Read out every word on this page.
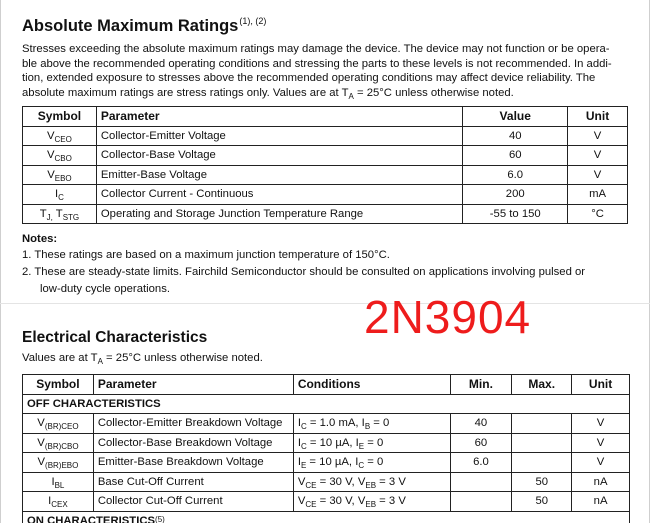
Absolute Maximum Ratings$^{(1), (2)}$
Stresses exceeding the absolute maximum ratings may damage the device. The device may not function or be opera-
ble above the recommended operating conditions and stressing the parts to these levels is not recommended. In addi-
tion, extended exposure to stresses above the recommended operating conditions may affect device reliability. The
absolute maximum ratings are stress ratings only. Values are at $T_A = 25^\circ C$ unless otherwise noted.
Symbol	Parameter	Value	Unit
$V_{CEO}$	Collector-Emitter Voltage	40	V
$V_{CBO}$	Collector-Base Voltage	60	V
$V_{EBO}$	Emitter-Base Voltage	6.0	V
$I_C$	Collector Current - Continuous	200	mA
$T_{J,}$ $T_{STG}$	Operating and Storage Junction Temperature Range	-55 to 150	°C
Notes:
1. These ratings are based on a maximum junction temperature of 150°C.
2. These are steady-state limits. Fairchild Semiconductor should be consulted on applications involving pulsed or
low-duty cycle operations.
2N3904
Electrical Characteristics
Values are at $T_A = 25^\circ C$ unless otherwise noted.
Symbol	Parameter	Conditions	Min.	Max.	Unit
OFF CHARACTERISTICS					
$V_{(BR)CEO}$	Collector-Emitter Breakdown Voltage	$I_C = 1.0$ mA, $I_B = 0$	40		V
$V_{(BR)CBO}$	Collector-Base Breakdown Voltage	$I_C = 10$ µA, $I_E = 0$	60		V
$V_{(BR)EBO}$	Emitter-Base Breakdown Voltage	$I_E = 10$ µA, $I_C = 0$	6.0		V
$I_{BL}$	Base Cut-Off Current	$V_{CE} = 30$ V, $V_{EB} = 3$ V		50	nA
$I_{CEX}$	Collector Cut-Off Current	$V_{CE} = 30$ V, $V_{EB} = 3$ V		50	nA
ON CHARACTERISTICS$^{(5)}$
